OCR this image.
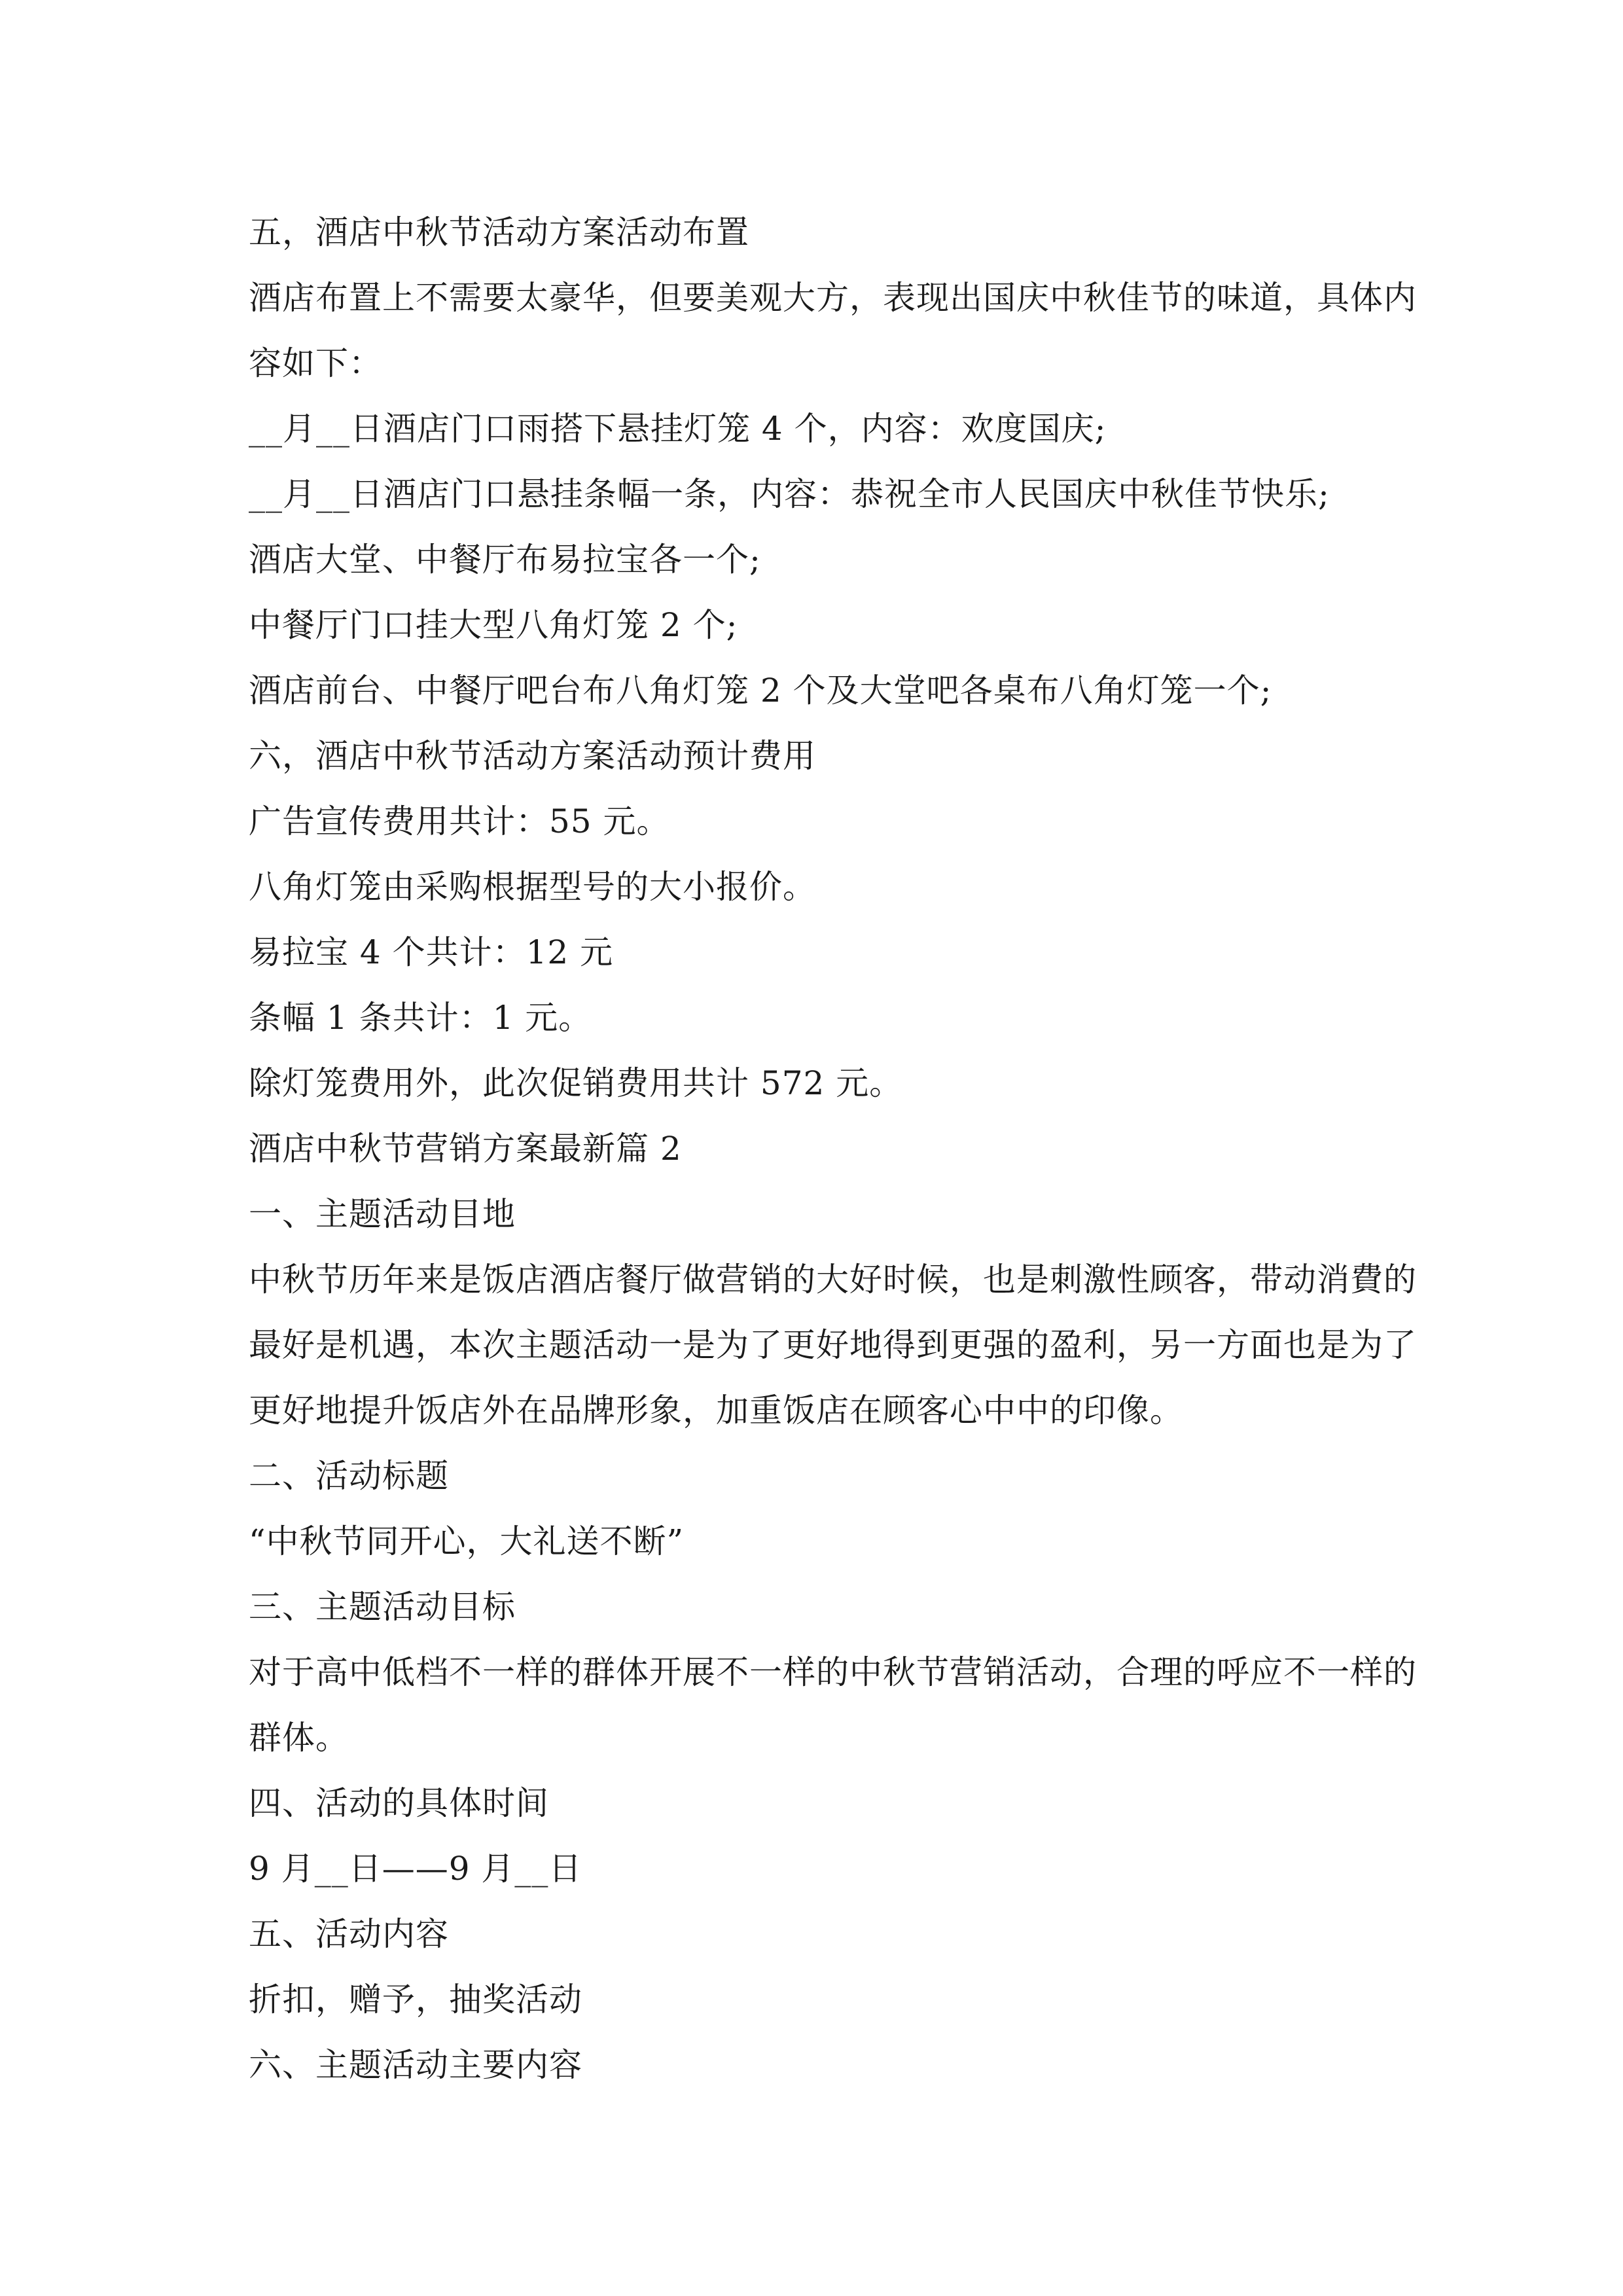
五，酒店中秋节活动方案活动布置
酒店布置上不需要太豪华，但要美观大方，表现出国庆中秋佳节的味道，具体内
容如下：
__月__日酒店门口雨搭下悬挂灯笼 4 个，内容：欢度国庆;
__月__日酒店门口悬挂条幅一条，内容：恭祝全市人民国庆中秋佳节快乐;
酒店大堂、中餐厅布易拉宝各一个;
中餐厅门口挂大型八角灯笼 2 个;
酒店前台、中餐厅吧台布八角灯笼 2 个及大堂吧各桌布八角灯笼一个;
六，酒店中秋节活动方案活动预计费用
广告宣传费用共计：55 元。
八角灯笼由采购根据型号的大小报价。
易拉宝 4 个共计：12 元
条幅 1 条共计：1 元。
除灯笼费用外，此次促销费用共计 572 元。
酒店中秋节营销方案最新篇 2
一、主题活动目地
中秋节历年来是饭店酒店餐厅做营销的大好时候，也是刺激性顾客，带动消費的
最好是机遇，本次主题活动一是为了更好地得到更强的盈利，另一方面也是为了
更好地提升饭店外在品牌形象，加重饭店在顾客心中中的印像。
二、活动标题
“中秋节同开心，大礼送不断”
三、主题活动目标
对于高中低档不一样的群体开展不一样的中秋节营销活动，合理的呼应不一样的
群体。
四、活动的具体时间
9 月__日——9 月__日
五、活动内容
折扣，赠予，抽奖活动
六、主题活动主要内容
